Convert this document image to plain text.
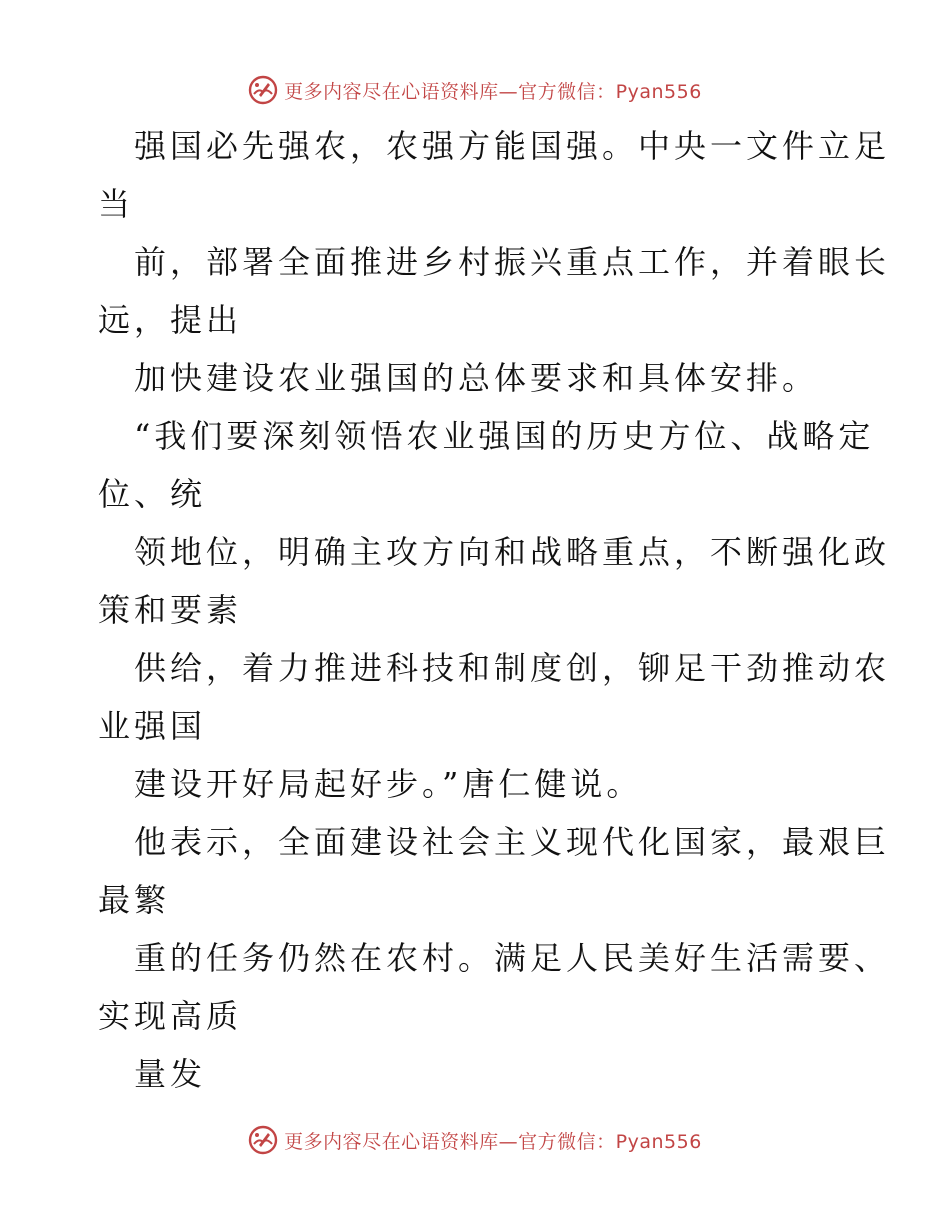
更多内容尽在心语资料库—官方微信：Pyan556
强国必先强农，农强方能国强。中央一文件立足
当
前，部署全面推进乡村振兴重点工作，并着眼长
远，提出
加快建设农业强国的总体要求和具体安排。
“我们要深刻领悟农业强国的历史方位、战略定
位、统
领地位，明确主攻方向和战略重点，不断强化政
策和要素
供给，着力推进科技和制度创，铆足干劲推动农
业强国
建设开好局起好步。”唐仁健说。
他表示，全面建设社会主义现代化国家，最艰巨
最繁
重的任务仍然在农村。满足人民美好生活需要、
实现高质
量发
更多内容尽在心语资料库—官方微信：Pyan556
